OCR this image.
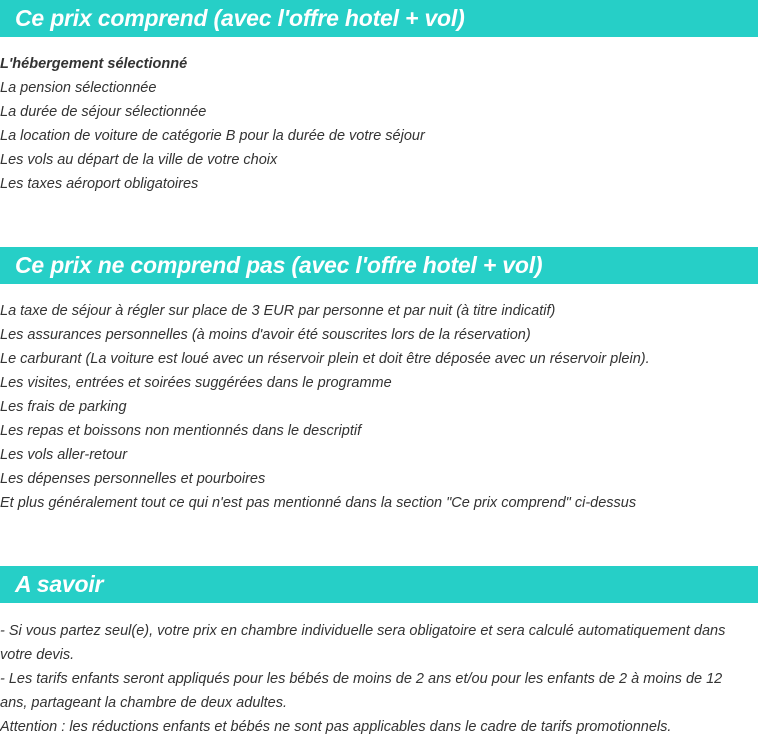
Ce prix comprend (avec l'offre hotel + vol)
L'hébergement sélectionné
La pension sélectionnée
La durée de séjour sélectionnée
La location de voiture de catégorie B pour la durée de votre séjour
Les vols au départ de la ville de votre choix
Les taxes aéroport obligatoires
Ce prix ne comprend pas (avec l'offre hotel + vol)
La taxe de séjour à régler sur place de 3 EUR par personne et par nuit (à titre indicatif)
Les assurances personnelles (à moins d'avoir été souscrites lors de la réservation)
Le carburant (La voiture est loué avec un réservoir plein et doit être déposée avec un réservoir plein).
Les visites, entrées et soirées suggérées dans le programme
Les frais de parking
Les repas et boissons non mentionnés dans le descriptif
Les vols aller-retour
Les dépenses personnelles et pourboires
Et plus généralement tout ce qui n'est pas mentionné dans la section "Ce prix comprend" ci-dessus
A savoir

- Si vous partez seul(e), votre prix en chambre individuelle sera obligatoire et sera calculé automatiquement dans votre devis.

- Les tarifs enfants seront appliqués pour les bébés de moins de 2 ans et/ou pour les enfants de 2 à moins de 12 ans, partageant la chambre de deux adultes.

Attention : les réductions enfants et bébés ne sont pas applicables dans le cadre de tarifs promotionnels.
